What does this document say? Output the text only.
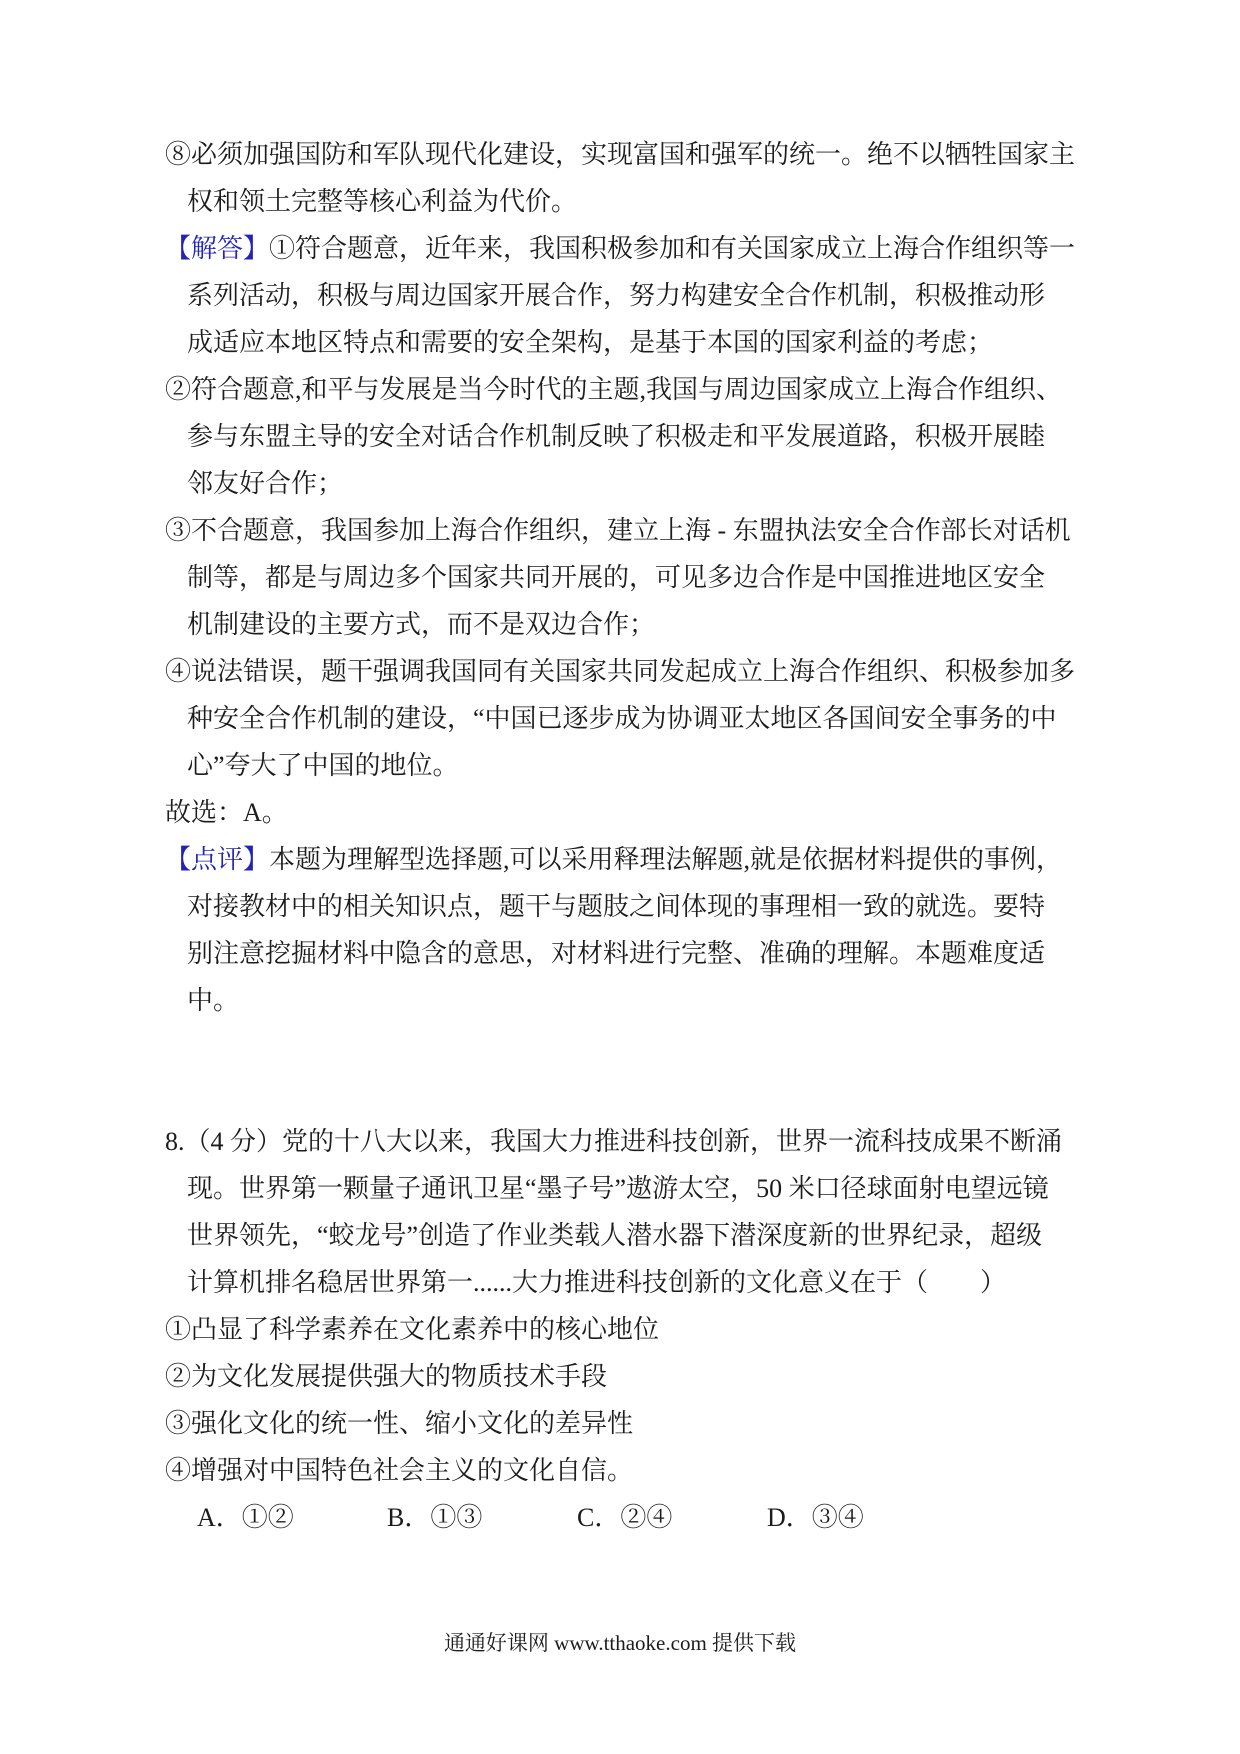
⑧必须加强国防和军队现代化建设，实现富国和强军的统一。绝不以牺牲国家主
权和领土完整等核心利益为代价。
【解答】①符合题意，近年来，我国积极参加和有关国家成立上海合作组织等一
系列活动，积极与周边国家开展合作，努力构建安全合作机制，积极推动形
成适应本地区特点和需要的安全架构，是基于本国的国家利益的考虑；
②符合题意,和平与发展是当今时代的主题,我国与周边国家成立上海合作组织、
参与东盟主导的安全对话合作机制反映了积极走和平发展道路，积极开展睦
邻友好合作；
③不合题意，我国参加上海合作组织，建立上海 - 东盟执法安全合作部长对话机
制等，都是与周边多个国家共同开展的，可见多边合作是中国推进地区安全
机制建设的主要方式，而不是双边合作；
④说法错误，题干强调我国同有关国家共同发起成立上海合作组织、积极参加多
种安全合作机制的建设，“中国已逐步成为协调亚太地区各国间安全事务的中
心”夸大了中国的地位。
故选：A。
【点评】本题为理解型选择题,可以采用释理法解题,就是依据材料提供的事例，
对接教材中的相关知识点，题干与题肢之间体现的事理相一致的就选。要特
别注意挖掘材料中隐含的意思，对材料进行完整、准确的理解。本题难度适
中。
8.（4 分）党的十八大以来，我国大力推进科技创新，世界一流科技成果不断涌
现。世界第一颗量子通讯卫星“墨子号”遨游太空，50 米口径球面射电望远镜
世界领先，“蛟龙号”创造了作业类载人潜水器下潜深度新的世界纪录，超级
计算机排名稳居世界第一......大力推进科技创新的文化意义在于（　　）
①凸显了科学素养在文化素养中的核心地位
②为文化发展提供强大的物质技术手段
③强化文化的统一性、缩小文化的差异性
④增强对中国特色社会主义的文化自信。
A．①②	B．①③	C．②④	D．③④
通通好课网 www.tthaoke.com 提供下载
